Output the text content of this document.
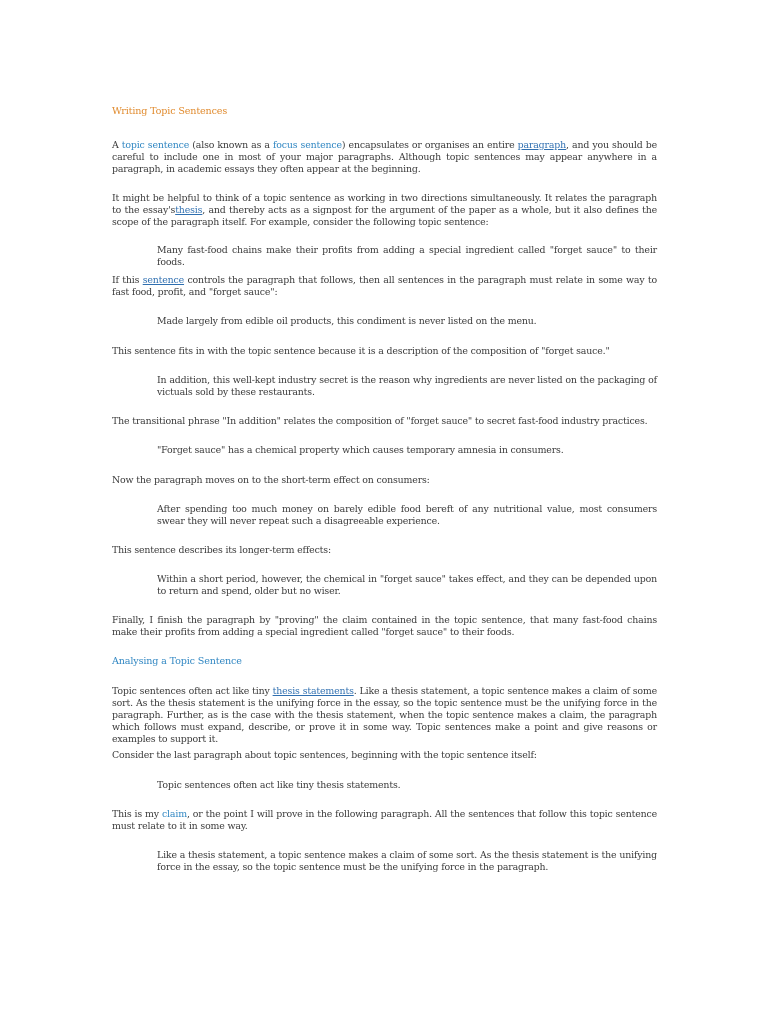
Writing Topic Sentences

A topic sentence (also known as a focus sentence) encapsulates or organises an entire paragraph, and you should be careful to include one in most of your major paragraphs. Although topic sentences may appear anywhere in a paragraph, in academic essays they often appear at the beginning.

It might be helpful to think of a topic sentence as working in two directions simultaneously. It relates the paragraph to the essay'sthesis, and thereby acts as a signpost for the argument of the paper as a whole, but it also defines the scope of the paragraph itself. For example, consider the following topic sentence:

Many fast-food chains make their profits from adding a special ingredient called "forget sauce" to their foods.

If this sentence controls the paragraph that follows, then all sentences in the paragraph must relate in some way to fast food, profit, and "forget sauce":

Made largely from edible oil products, this condiment is never listed on the menu.

This sentence fits in with the topic sentence because it is a description of the composition of "forget sauce."

In addition, this well-kept industry secret is the reason why ingredients are never listed on the packaging of victuals sold by these restaurants.

The transitional phrase "In addition" relates the composition of "forget sauce" to secret fast-food industry practices.

"Forget sauce" has a chemical property which causes temporary amnesia in consumers.

Now the paragraph moves on to the short-term effect on consumers:

After spending too much money on barely edible food bereft of any nutritional value, most consumers swear they will never repeat such a disagreeable experience.

This sentence describes its longer-term effects:

Within a short period, however, the chemical in "forget sauce" takes effect, and they can be depended upon to return and spend, older but no wiser.

Finally, I finish the paragraph by "proving" the claim contained in the topic sentence, that many fast-food chains make their profits from adding a special ingredient called "forget sauce" to their foods.

Analysing a Topic Sentence

Topic sentences often act like tiny thesis statements. Like a thesis statement, a topic sentence makes a claim of some sort. As the thesis statement is the unifying force in the essay, so the topic sentence must be the unifying force in the paragraph. Further, as is the case with the thesis statement, when the topic sentence makes a claim, the paragraph which follows must expand, describe, or prove it in some way. Topic sentences make a point and give reasons or examples to support it.

Consider the last paragraph about topic sentences, beginning with the topic sentence itself:

Topic sentences often act like tiny thesis statements.

This is my claim, or the point I will prove in the following paragraph. All the sentences that follow this topic sentence must relate to it in some way.

Like a thesis statement, a topic sentence makes a claim of some sort. As the thesis statement is the unifying force in the essay, so the topic sentence must be the unifying force in the paragraph.
